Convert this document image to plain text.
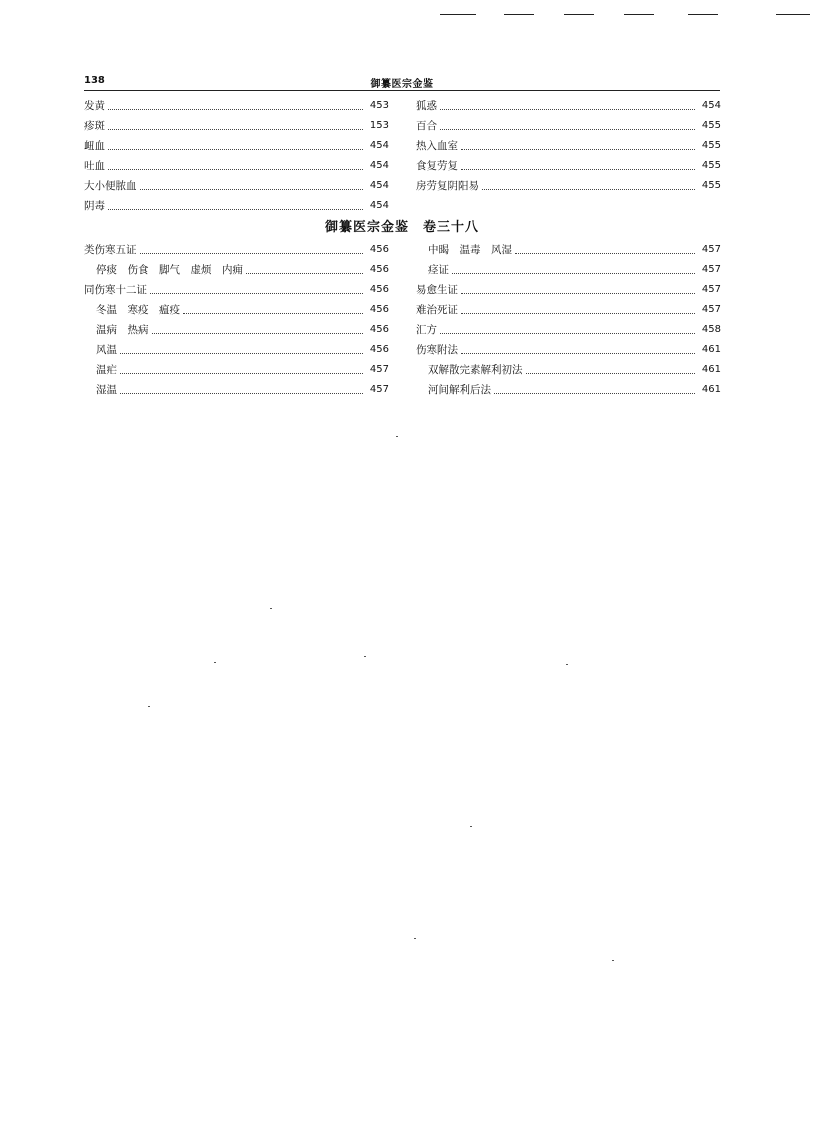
138	御纂医宗金鉴
发黄	453
疹斑	153
衄血	454
吐血	454
大小便脓血	454
阴毒	454
狐惑	454
百合	455
热入血室	455
食复劳复	455
房劳复阴阳易	455
御纂医宗金鉴　卷三十八
类伤寒五证	456
停痰　伤食　脚气　虚烦　内痈	456
同伤寒十二证	456
冬温　寒疫　瘟疫	456
温病　热病	456
风温	456
温疟	457
湿温	457
中暍　温毒　风湿	457
痉证	457
易愈生证	457
难治死证	457
汇方	458
伤寒附法	461
双解散完素解利初法	461
河间解利后法	461
